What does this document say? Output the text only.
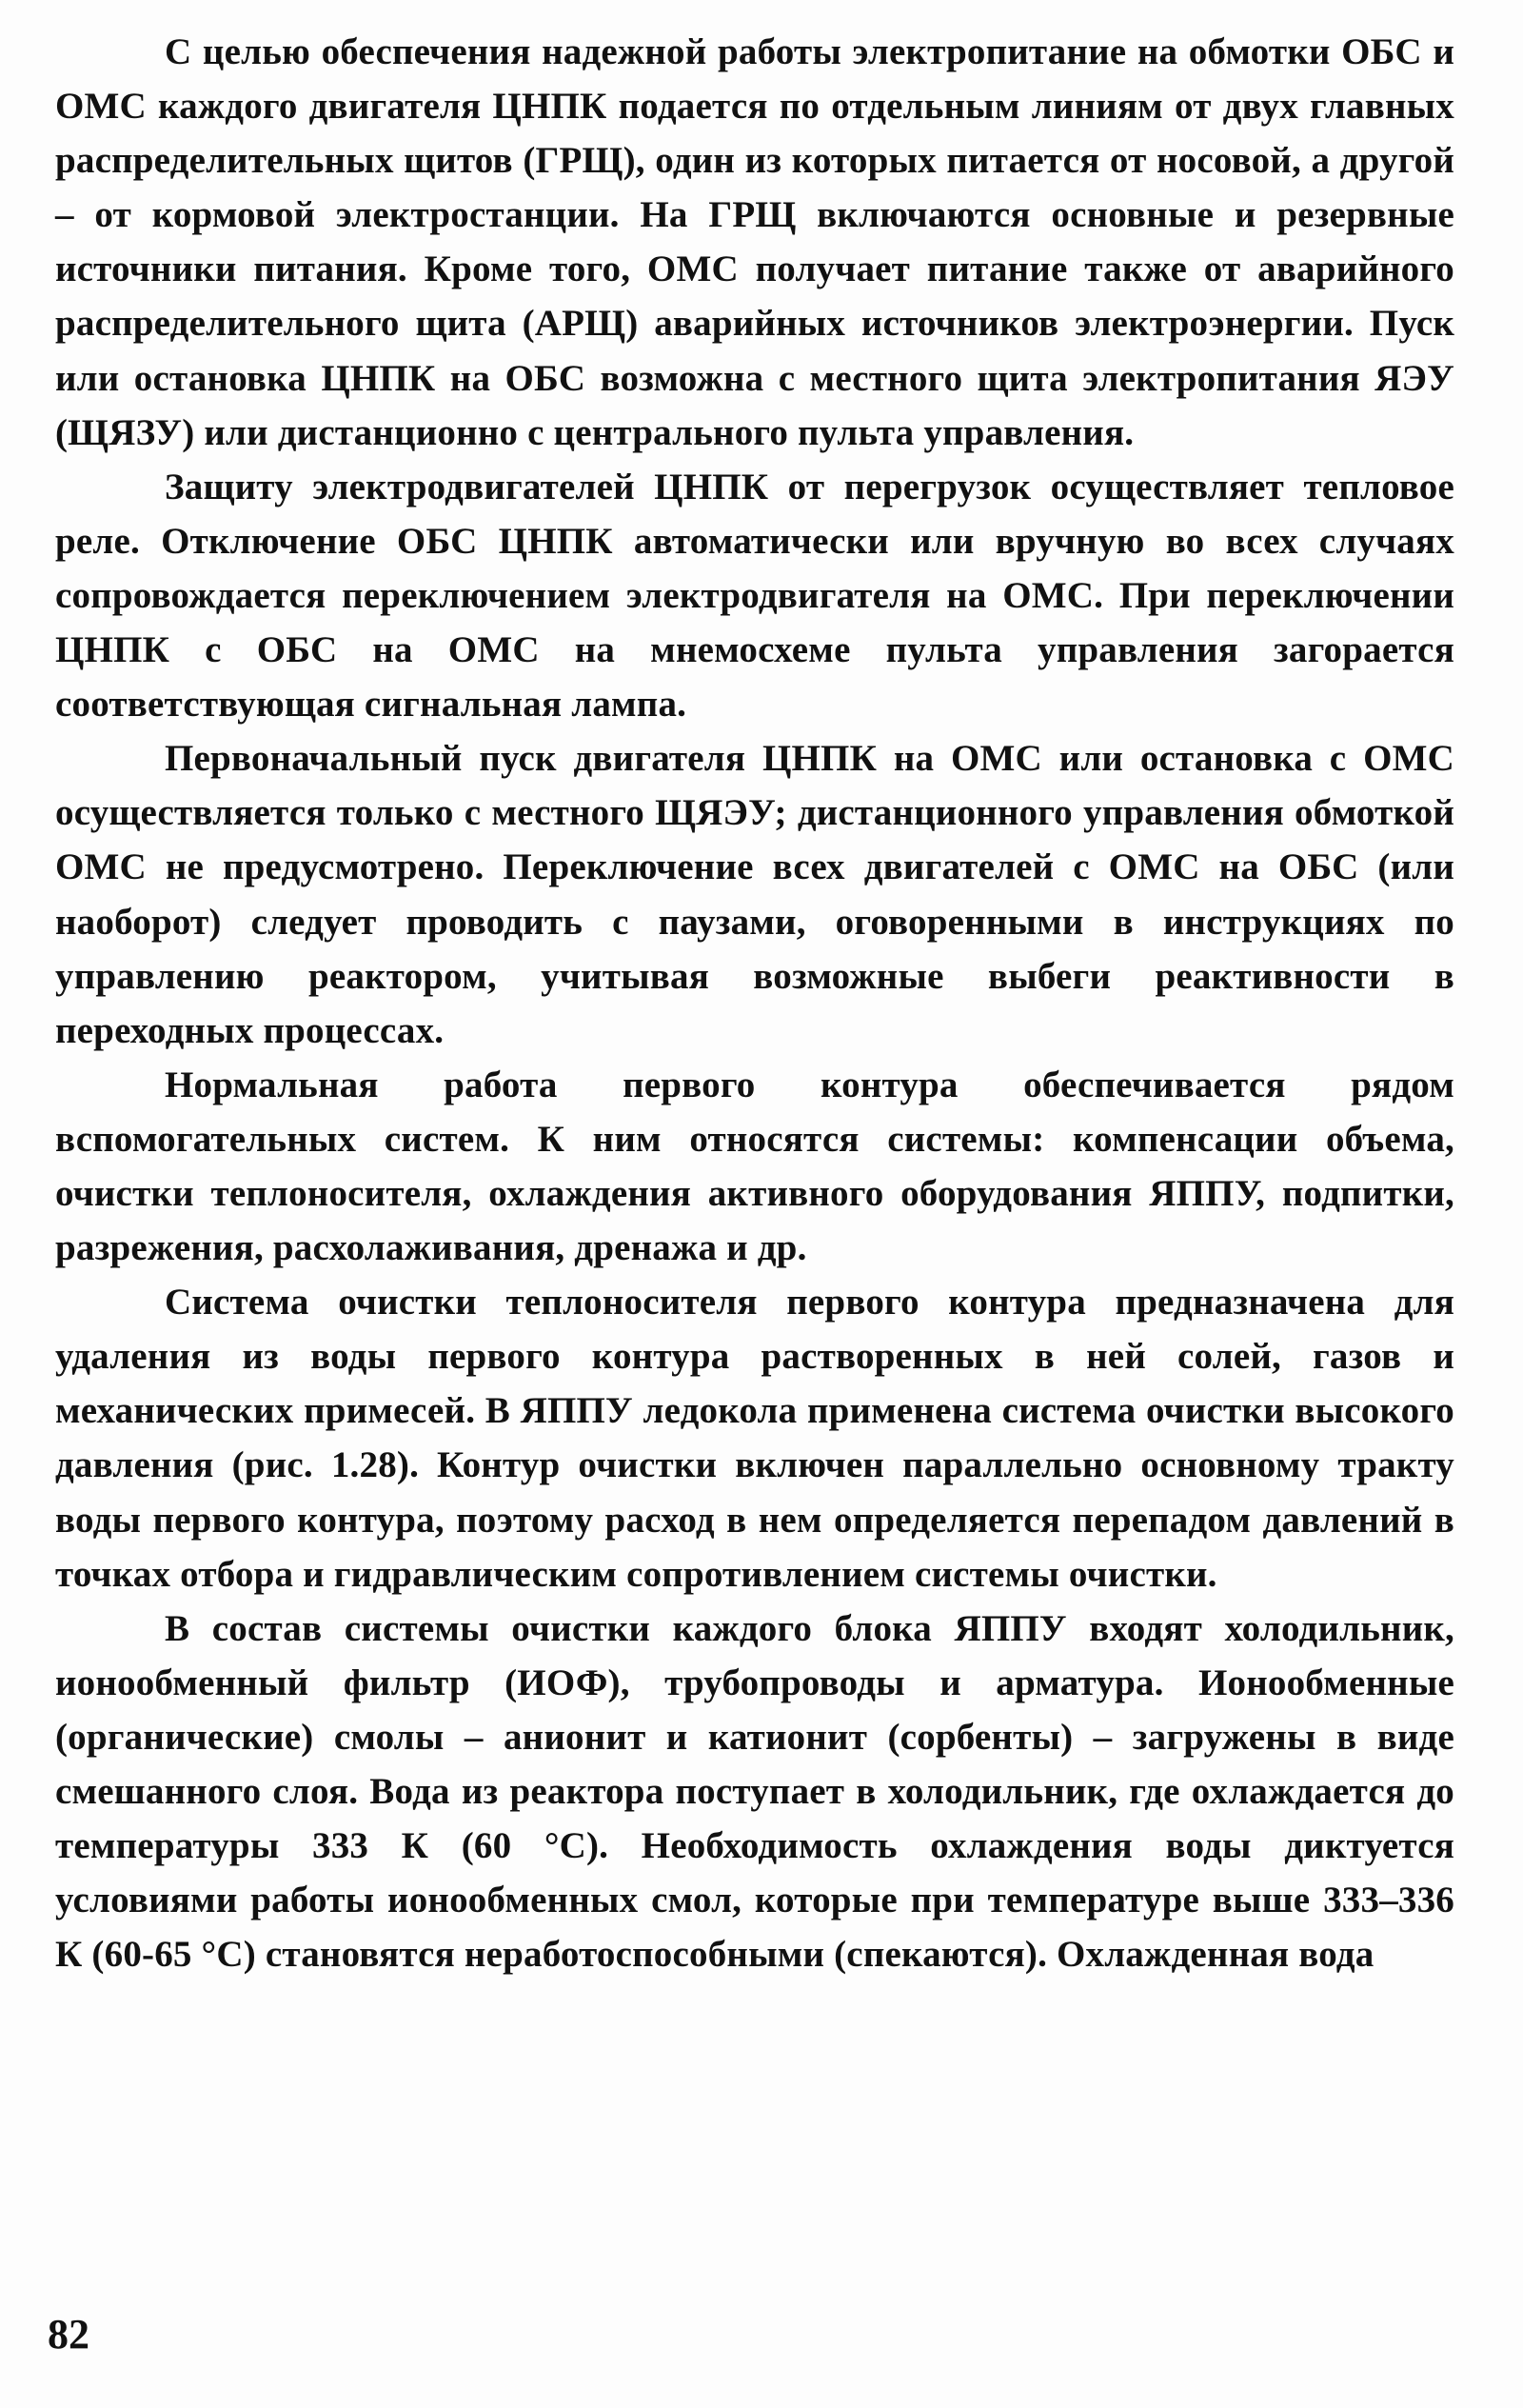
С целью обеспечения надежной работы электропитание на обмотки ОБС и ОМС каждого двигателя ЦНПК подается по отдельным линиям от двух главных распределительных щитов (ГРЩ), один из которых питается от носовой, а другой – от кормовой электростанции. На ГРЩ включаются основные и резервные источники питания. Кроме того, ОМС получает питание также от аварийного распределительного щита (АРЩ) аварийных источников электроэнергии. Пуск или остановка ЦНПК на ОБС возможна с местного щита электропитания ЯЭУ (ЩЯЗУ) или дистанционно с центрального пульта управления.

Защиту электродвигателей ЦНПК от перегрузок осуществляет тепловое реле. Отключение ОБС ЦНПК автоматически или вручную во всех случаях сопровождается переключением электродвигателя на ОМС. При переключении ЦНПК с ОБС на ОМС на мнемосхеме пульта управления загорается соответствующая сигнальная лампа.

Первоначальный пуск двигателя ЦНПК на ОМС или остановка с ОМС осуществляется только с местного ЩЯЭУ; дистанционного управления обмоткой ОМС не предусмотрено. Переключение всех двигателей с ОМС на ОБС (или наоборот) следует проводить с паузами, оговоренными в инструкциях по управлению реактором, учитывая возможные выбеги реактивности в переходных процессах.

Нормальная работа первого контура обеспечивается рядом вспомогательных систем. К ним относятся системы: компенсации объема, очистки теплоносителя, охлаждения активного оборудования ЯППУ, подпитки, разрежения, расхолаживания, дренажа и др.

Система очистки теплоносителя первого контура предназначена для удаления из воды первого контура растворенных в ней солей, газов и механических примесей. В ЯППУ ледокола применена система очистки высокого давления (рис. 1.28). Контур очистки включен параллельно основному тракту воды первого контура, поэтому расход в нем определяется перепадом давлений в точках отбора и гидравлическим сопротивлением системы очистки.

В состав системы очистки каждого блока ЯППУ входят холодильник, ионообменный фильтр (ИОФ), трубопроводы и арматура. Ионообменные (органические) смолы – анионит и катионит (сорбенты) – загружены в виде смешанного слоя. Вода из реактора поступает в холодильник, где охлаждается до температуры 333 К (60 °С). Необходимость охлаждения воды диктуется условиями работы ионообменных смол, которые при температуре выше 333–336 К (60-65 °С) становятся неработоспособными (спекаются). Охлажденная вода

82
